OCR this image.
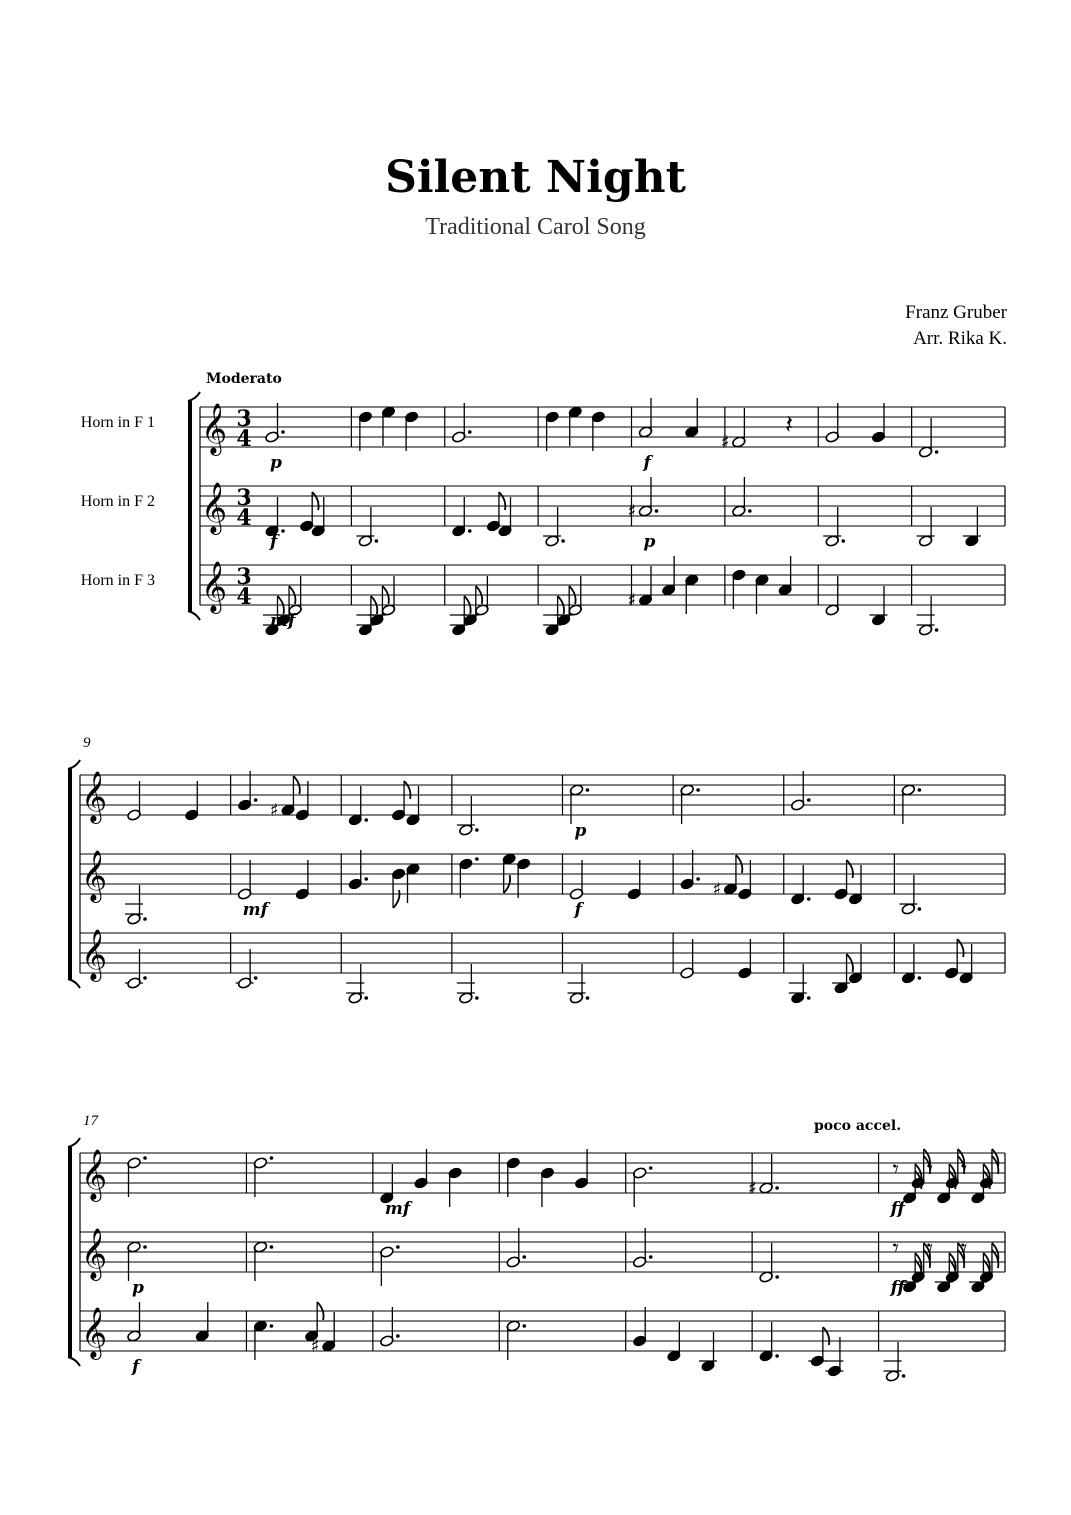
Silent Night
Traditional Carol Song
Franz Gruber
Arr. Rika K.
Moderato
poco accel.
𝄞
Horn in F 1	3
4	♯
𝄽
p	f
𝄞
Horn in F 2	3
4	♯
f	p
𝄞
Horn in F 3	3
4	♯
mf
9
𝄞	♯
p
𝄞	♯
mf	f
𝄞
17
𝄞	♯
𝄾 𝄾 𝄾
mf	ff
𝄞	𝄾 𝄾 𝄾
p	ff
𝄞	♯
f
